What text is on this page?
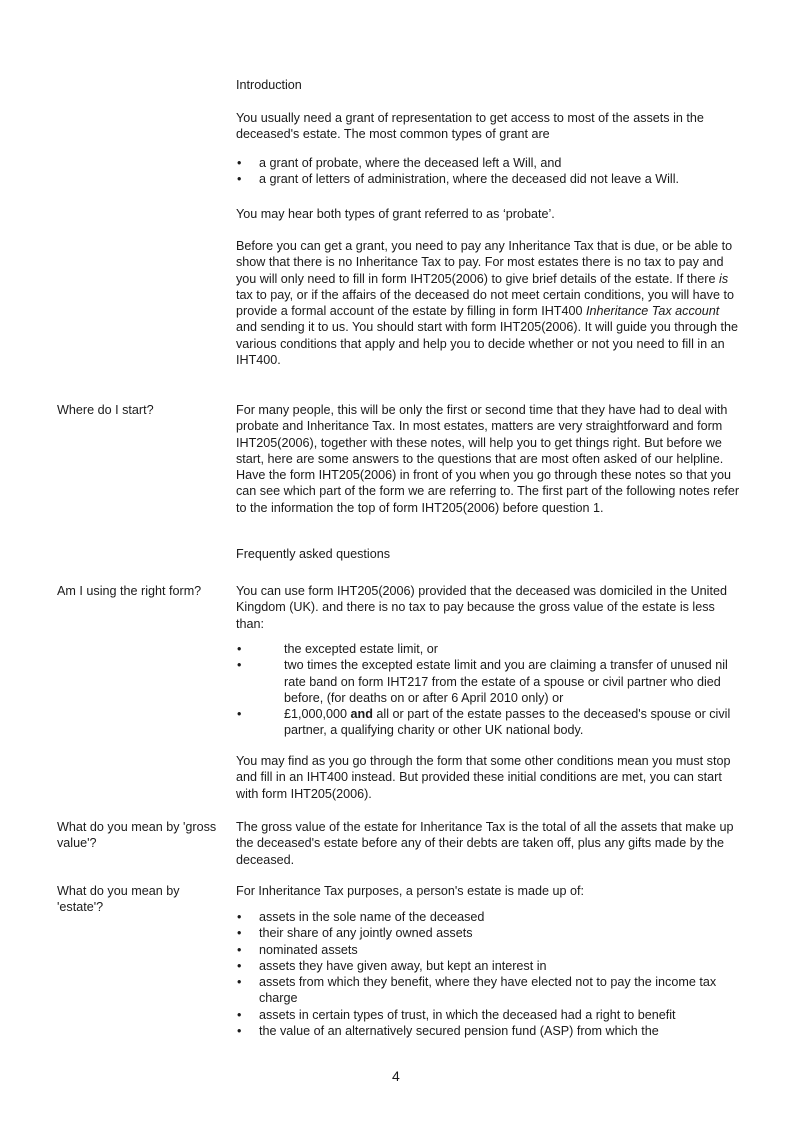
Introduction

You usually need a grant of representation to get access to most of the assets in the deceased's estate. The most common types of grant are

• a grant of probate, where the deceased left a Will, and
• a grant of letters of administration, where the deceased did not leave a Will.

You may hear both types of grant referred to as ‘probate’.

Before you can get a grant, you need to pay any Inheritance Tax that is due, or be able to show that there is no Inheritance Tax to pay. For most estates there is no tax to pay and you will only need to fill in form IHT205(2006) to give brief details of the estate. If there is tax to pay, or if the affairs of the deceased do not meet certain conditions, you will have to provide a formal account of the estate by filling in form IHT400 Inheritance Tax account and sending it to us. You should start with form IHT205(2006). It will guide you through the various conditions that apply and help you to decide whether or not you need to fill in an IHT400.

Where do I start?	For many people, this will be only the first or second time that they have had to deal with probate and Inheritance Tax. In most estates, matters are very straightforward and form IHT205(2006), together with these notes, will help you to get things right. But before we start, here are some answers to the questions that are most often asked of our helpline. Have the form IHT205(2006) in front of you when you go through these notes so that you can see which part of the form we are referring to. The first part of the following notes refer to the information the top of form IHT205(2006) before question 1.

Frequently asked questions

Am I using the right form?	You can use form IHT205(2006) provided that the deceased was domiciled in the United Kingdom (UK). and there is no tax to pay because the gross value of the estate is less than:

• the excepted estate limit, or
• two times the excepted estate limit and you are claiming a transfer of unused nil rate band on form IHT217 from the estate of a spouse or civil partner who died before, (for deaths on or after 6 April 2010 only) or
• £1,000,000 and all or part of the estate passes to the deceased's spouse or civil partner, a qualifying charity or other UK national body.

You may find as you go through the form that some other conditions mean you must stop and fill in an IHT400 instead. But provided these initial conditions are met, you can start with form IHT205(2006).

What do you mean by 'gross value'?

The gross value of the estate for Inheritance Tax is the total of all the assets that make up the deceased's estate before any of their debts are taken off, plus any gifts made by the deceased.

What do you mean by 'estate'?

For Inheritance Tax purposes, a person's estate is made up of:

• assets in the sole name of the deceased
• their share of any jointly owned assets
• nominated assets
• assets they have given away, but kept an interest in
• assets from which they benefit, where they have elected not to pay the income tax charge
• assets in certain types of trust, in which the deceased had a right to benefit
• the value of an alternatively secured pension fund (ASP) from which the
4
